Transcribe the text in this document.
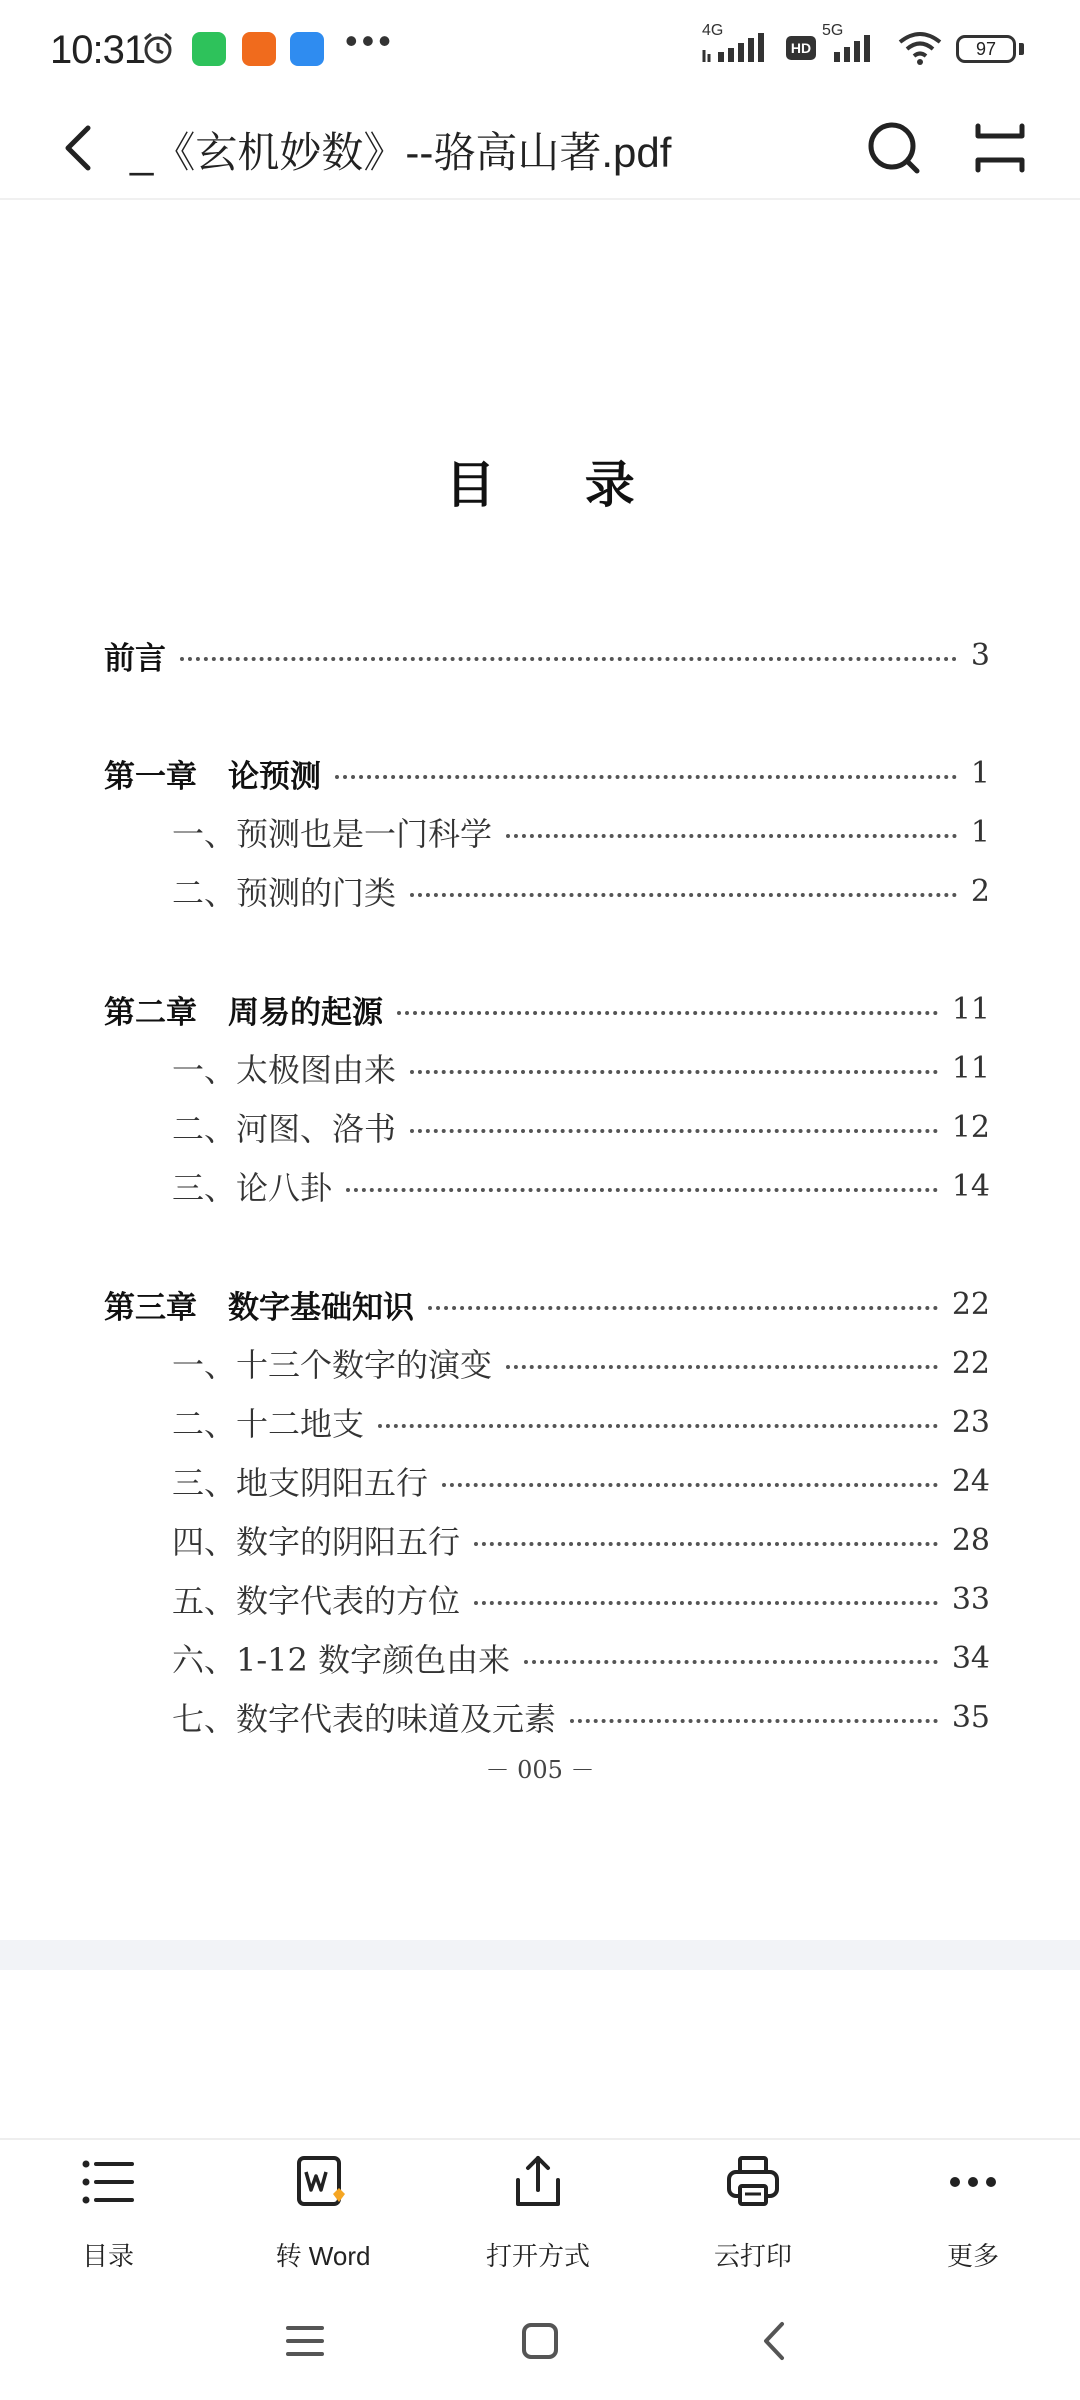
10:31	•••	4G
HD
5G
97
_《玄机妙数》--骆高山著.pdf
目 录
前言	3
第一章　论预测	1
一、预测也是一门科学	1
二、预测的门类	2
第二章　周易的起源	11
一、太极图由来	11
二、河图、洛书	12
三、论八卦	14
第三章　数字基础知识	22
一、十三个数字的演变	22
二、十二地支	23
三、地支阴阳五行	24
四、数字的阴阳五行	28
五、数字代表的方位	33
六、1-12 数字颜色由来	34
七、数字代表的味道及元素	35
－ 005 －
目录	转 Word	打开方式	云打印	更多
